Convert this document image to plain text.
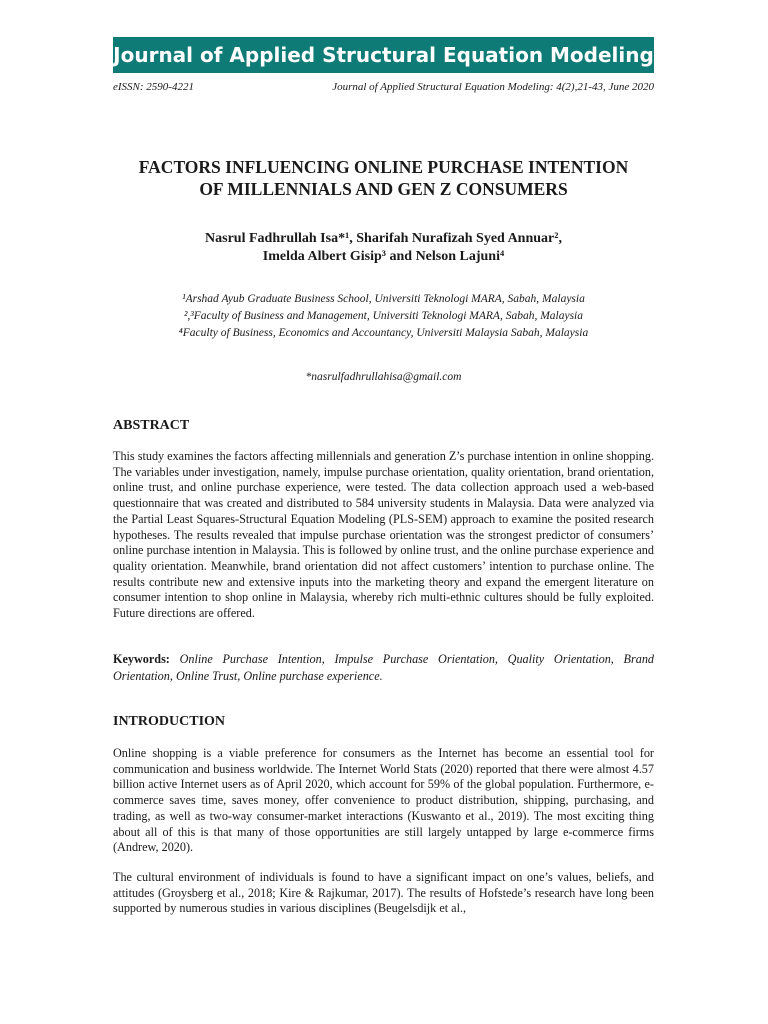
Journal of Applied Structural Equation Modeling
eISSN: 2590-4221	Journal of Applied Structural Equation Modeling: 4(2),21-43, June 2020
FACTORS INFLUENCING ONLINE PURCHASE INTENTION
OF MILLENNIALS AND GEN Z CONSUMERS
Nasrul Fadhrullah Isa*¹, Sharifah Nurafizah Syed Annuar²,
Imelda Albert Gisip³ and Nelson Lajuni⁴
¹Arshad Ayub Graduate Business School, Universiti Teknologi MARA, Sabah, Malaysia
²,³Faculty of Business and Management, Universiti Teknologi MARA, Sabah, Malaysia
⁴Faculty of Business, Economics and Accountancy, Universiti Malaysia Sabah, Malaysia
*nasrulfadhrullahisa@gmail.com
ABSTRACT
This study examines the factors affecting millennials and generation Z’s purchase intention in online shopping. The variables under investigation, namely, impulse purchase orientation, quality orientation, brand orientation, online trust, and online purchase experience, were tested. The data collection approach used a web-based questionnaire that was created and distributed to 584 university students in Malaysia. Data were analyzed via the Partial Least Squares-Structural Equation Modeling (PLS-SEM) approach to examine the posited research hypotheses. The results revealed that impulse purchase orientation was the strongest predictor of consumers’ online purchase intention in Malaysia. This is followed by online trust, and the online purchase experience and quality orientation. Meanwhile, brand orientation did not affect customers’ intention to purchase online. The results contribute new and extensive inputs into the marketing theory and expand the emergent literature on consumer intention to shop online in Malaysia, whereby rich multi-ethnic cultures should be fully exploited. Future directions are offered.
Keywords: Online Purchase Intention, Impulse Purchase Orientation, Quality Orientation, Brand Orientation, Online Trust, Online purchase experience.
INTRODUCTION
Online shopping is a viable preference for consumers as the Internet has become an essential tool for communication and business worldwide. The Internet World Stats (2020) reported that there were almost 4.57 billion active Internet users as of April 2020, which account for 59% of the global population. Furthermore, e-commerce saves time, saves money, offer convenience to product distribution, shipping, purchasing, and trading, as well as two-way consumer-market interactions (Kuswanto et al., 2019). The most exciting thing about all of this is that many of those opportunities are still largely untapped by large e-commerce firms (Andrew, 2020).
The cultural environment of individuals is found to have a significant impact on one’s values, beliefs, and attitudes (Groysberg et al., 2018; Kire & Rajkumar, 2017). The results of Hofstede’s research have long been supported by numerous studies in various disciplines (Beugelsdijk et al.,
